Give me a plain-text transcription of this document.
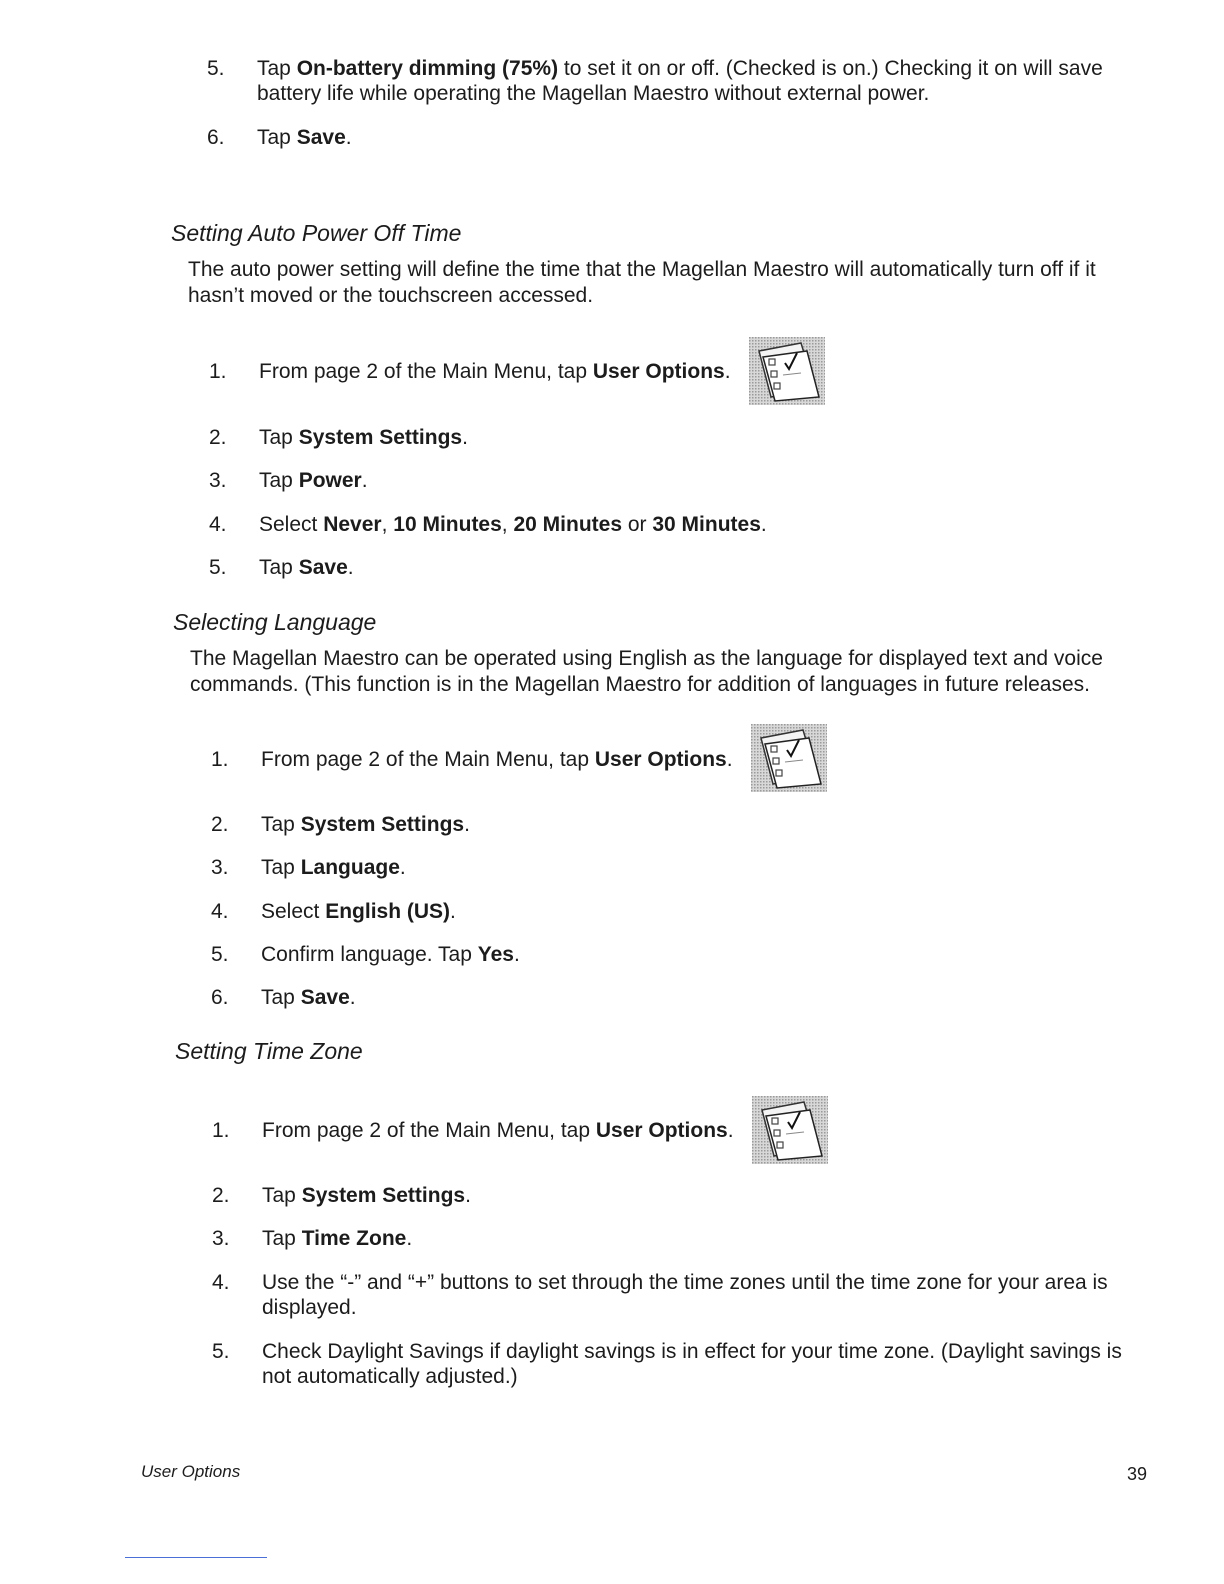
5.	Tap On-battery dimming (75%) to set it on or off. (Checked is on.) Checking it on will save battery life while operating the Magellan Maestro without external power.
6.	Tap Save.
Setting Auto Power Off Time
The auto power setting will define the time that the Magellan Maestro will automatically turn off if it hasn’t moved or the touchscreen accessed.
1.	From page 2 of the Main Menu, tap User Options.
2.	Tap System Settings.
3.	Tap Power.
4.	Select Never, 10 Minutes, 20 Minutes or 30 Minutes.
5.	Tap Save.
Selecting Language
The Magellan Maestro can be operated using English as the language for displayed text and voice commands. (This function is in the Magellan Maestro for addition of languages in future releases.
1.	From page 2 of the Main Menu, tap User Options.
2.	Tap System Settings.
3.	Tap Language.
4.	Select English (US).
5.	Confirm language. Tap Yes.
6.	Tap Save.
Setting Time Zone
1.	From page 2 of the Main Menu, tap User Options.
2.	Tap System Settings.
3.	Tap Time Zone.
4.	Use the “-” and “+” buttons to set through the time zones until the time zone for your area is displayed.
5.	Check Daylight Savings if daylight savings is in effect for your time zone. (Daylight savings is not automatically adjusted.)
User Options	39
